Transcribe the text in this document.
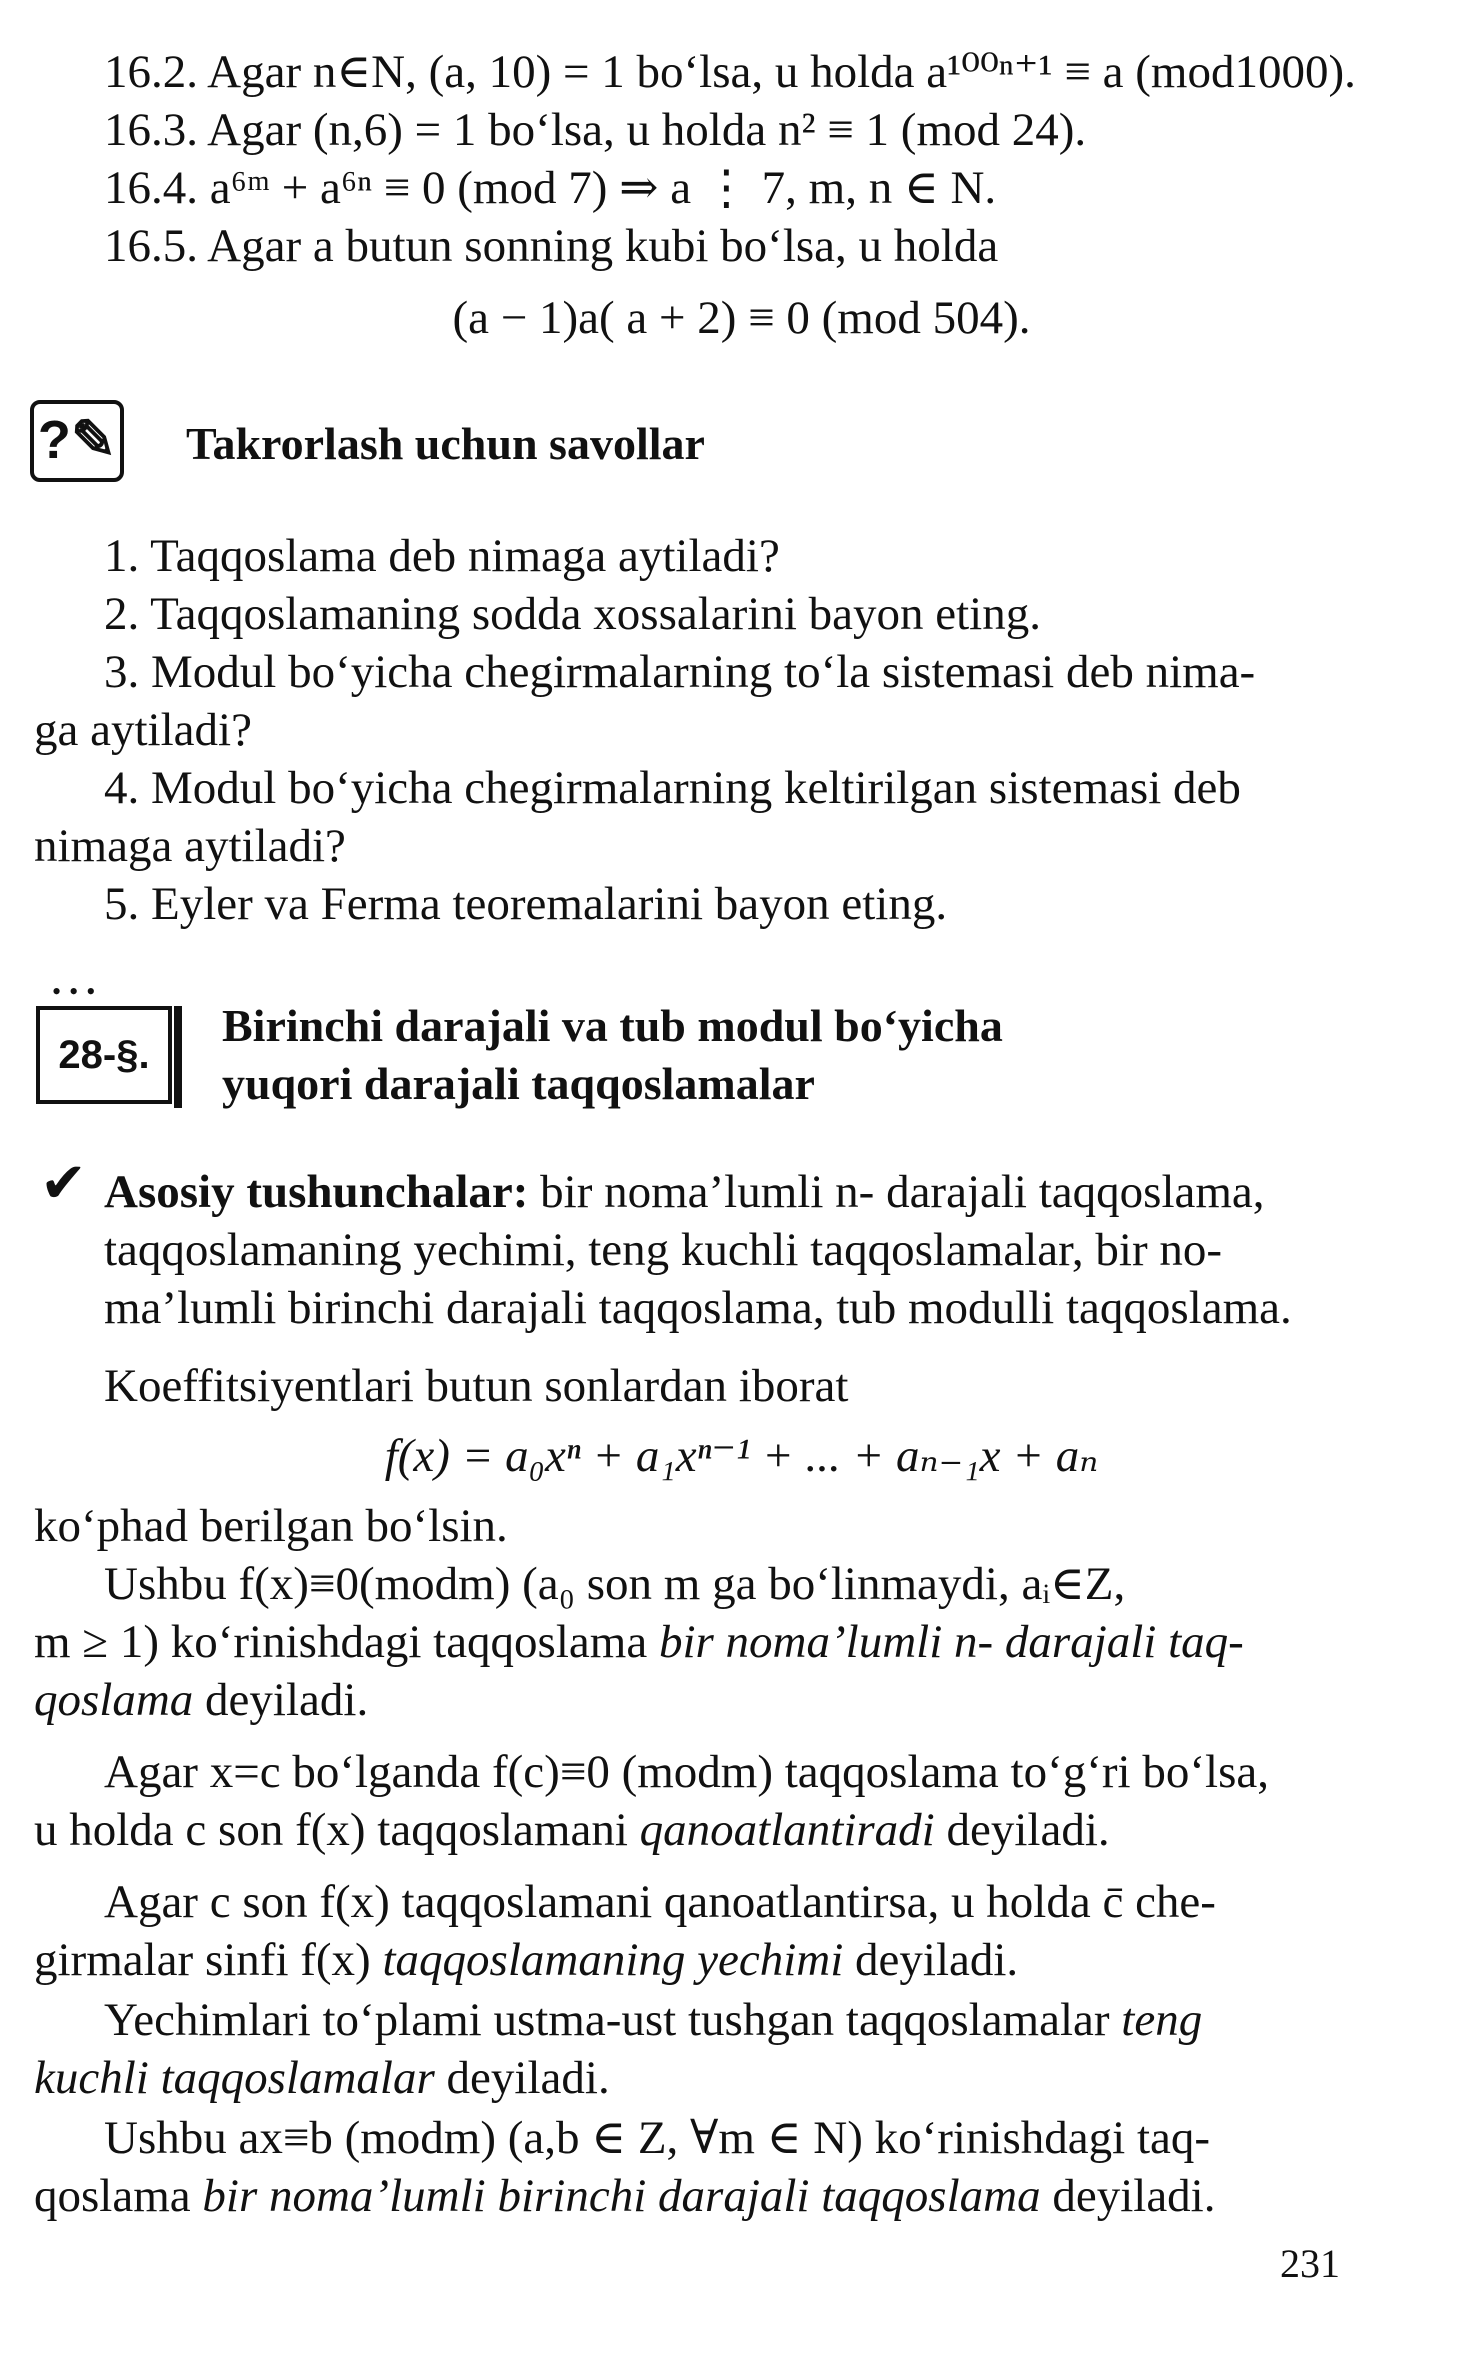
16.2. Agar n∈N, (a, 10) = 1 bo‘lsa, u holda a¹⁰⁰ⁿ⁺¹ ≡ a (mod1000).
16.3. Agar (n,6) = 1 bo‘lsa, u holda n² ≡ 1 (mod 24).
16.4. a⁶ᵐ + a⁶ⁿ ≡ 0 (mod 7) ⇒ a ⋮ 7, m, n ∈ N.
16.5. Agar a butun sonning kubi bo‘lsa, u holda
(a − 1)a( a + 2) ≡ 0 (mod 504).
?✎ Takrorlash uchun savollar
1. Taqqoslama deb nimaga aytiladi?
2. Taqqoslamaning sodda xossalarini bayon eting.
3. Modul bo‘yicha chegirmalarning to‘la sistemasi deb nima-
ga aytiladi?
4. Modul bo‘yicha chegirmalarning keltirilgan sistemasi deb
nimaga aytiladi?
5. Eyler va Ferma teoremalarini bayon eting.
•••
28-§.
Birinchi darajali va tub modul bo‘yicha
yuqori darajali taqqoslamalar
✔ Asosiy tushunchalar: bir noma’lumli n- darajali taqqoslama,
taqqoslamaning yechimi, teng kuchli taqqoslamalar, bir no-
ma’lumli birinchi darajali taqqoslama, tub modulli taqqoslama.
Koeffitsiyentlari butun sonlardan iborat
f(x) = a₀xⁿ + a₁xⁿ⁻¹ + ... + aₙ₋₁x + aₙ
ko‘phad berilgan bo‘lsin.
Ushbu f(x)≡0(modm) (a₀ son m ga bo‘linmaydi, aᵢ∈Z,
m ≥ 1) ko‘rinishdagi taqqoslama bir noma’lumli n- darajali taq-
qoslama deyiladi.
Agar x=c bo‘lganda f(c)≡0 (modm) taqqoslama to‘g‘ri bo‘lsa,
u holda c son f(x) taqqoslamani qanoatlantiradi deyiladi.
Agar c son f(x) taqqoslamani qanoatlantirsa, u holda c̄ che-
girmalar sinfi f(x) taqqoslamaning yechimi deyiladi.
Yechimlari to‘plami ustma-ust tushgan taqqoslamalar teng
kuchli taqqoslamalar deyiladi.
Ushbu ax≡b (modm) (a,b ∈ Z, ∀m ∈ N) ko‘rinishdagi taq-
qoslama bir noma’lumli birinchi darajali taqqoslama deyiladi.
231
